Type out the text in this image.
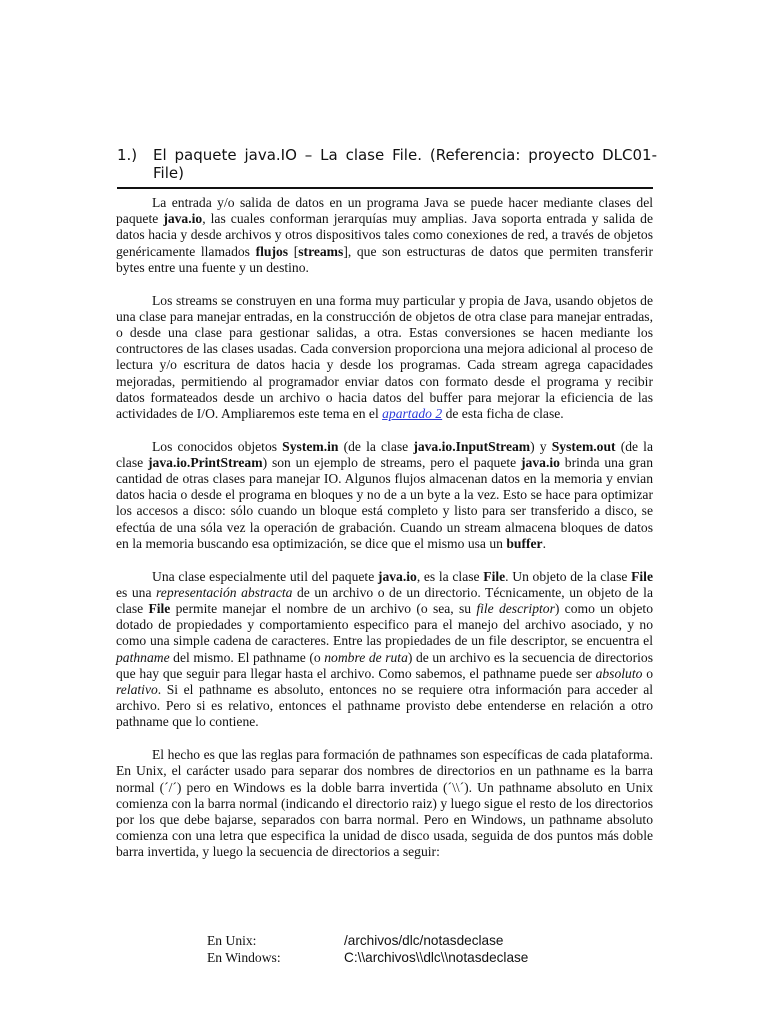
1.)	El paquete java.IO – La clase File. (Referencia: proyecto DLC01-File)

La entrada y/o salida de datos en un programa Java se puede hacer mediante clases del paquete java.io, las cuales conforman jerarquías muy amplias. Java soporta entrada y salida de datos hacia y desde archivos y otros dispositivos tales como conexiones de red, a través de objetos genéricamente llamados flujos [streams], que son estructuras de datos que permiten transferir bytes entre una fuente y un destino.

Los streams se construyen en una forma muy particular y propia de Java, usando objetos de una clase para manejar entradas, en la construcción de objetos de otra clase para manejar entradas, o desde una clase para gestionar salidas, a otra. Estas conversiones se hacen mediante los contructores de las clases usadas. Cada conversion proporciona una mejora adicional al proceso de lectura y/o escritura de datos hacia y desde los programas. Cada stream agrega capacidades mejoradas, permitiendo al programador enviar datos con formato desde el programa y recibir datos formateados desde un archivo o hacia datos del buffer para mejorar la eficiencia de las actividades de I/O. Ampliaremos este tema en el apartado 2 de esta ficha de clase.

Los conocidos objetos System.in (de la clase java.io.InputStream) y System.out (de la clase java.io.PrintStream) son un ejemplo de streams, pero el paquete java.io brinda una gran cantidad de otras clases para manejar IO. Algunos flujos almacenan datos en la memoria y envian datos hacia o desde el programa en bloques y no de a un byte a la vez. Esto se hace para optimizar los accesos a disco: sólo cuando un bloque está completo y listo para ser transferido a disco, se efectúa de una sóla vez la operación de grabación. Cuando un stream almacena bloques de datos en la memoria buscando esa optimización, se dice que el mismo usa un buffer.

Una clase especialmente util del paquete java.io, es la clase File. Un objeto de la clase File es una representación abstracta de un archivo o de un directorio. Técnicamente, un objeto de la clase File permite manejar el nombre de un archivo (o sea, su file descriptor) como un objeto dotado de propiedades y comportamiento especifico para el manejo del archivo asociado, y no como una simple cadena de caracteres. Entre las propiedades de un file descriptor, se encuentra el pathname del mismo. El pathname (o nombre de ruta) de un archivo es la secuencia de directorios que hay que seguir para llegar hasta el archivo. Como sabemos, el pathname puede ser absoluto o relativo. Si el pathname es absoluto, entonces no se requiere otra información para acceder al archivo. Pero si es relativo, entonces el pathname provisto debe entenderse en relación a otro pathname que lo contiene.

El hecho es que las reglas para formación de pathnames son específicas de cada plataforma. En Unix, el carácter usado para separar dos nombres de directorios en un pathname es la barra normal (´/´) pero en Windows es la doble barra invertida (´\\´). Un pathname absoluto en Unix comienza con la barra normal (indicando el directorio raiz) y luego sigue el resto de los directorios por los que debe bajarse, separados con barra normal. Pero en Windows, un pathname absoluto comienza con una letra que especifica la unidad de disco usada, seguida de dos puntos más doble barra invertida, y luego la secuencia de directorios a seguir:

En Unix:	/archivos/dlc/notasdeclase
En Windows:	C:\\archivos\\dlc\\notasdeclase
